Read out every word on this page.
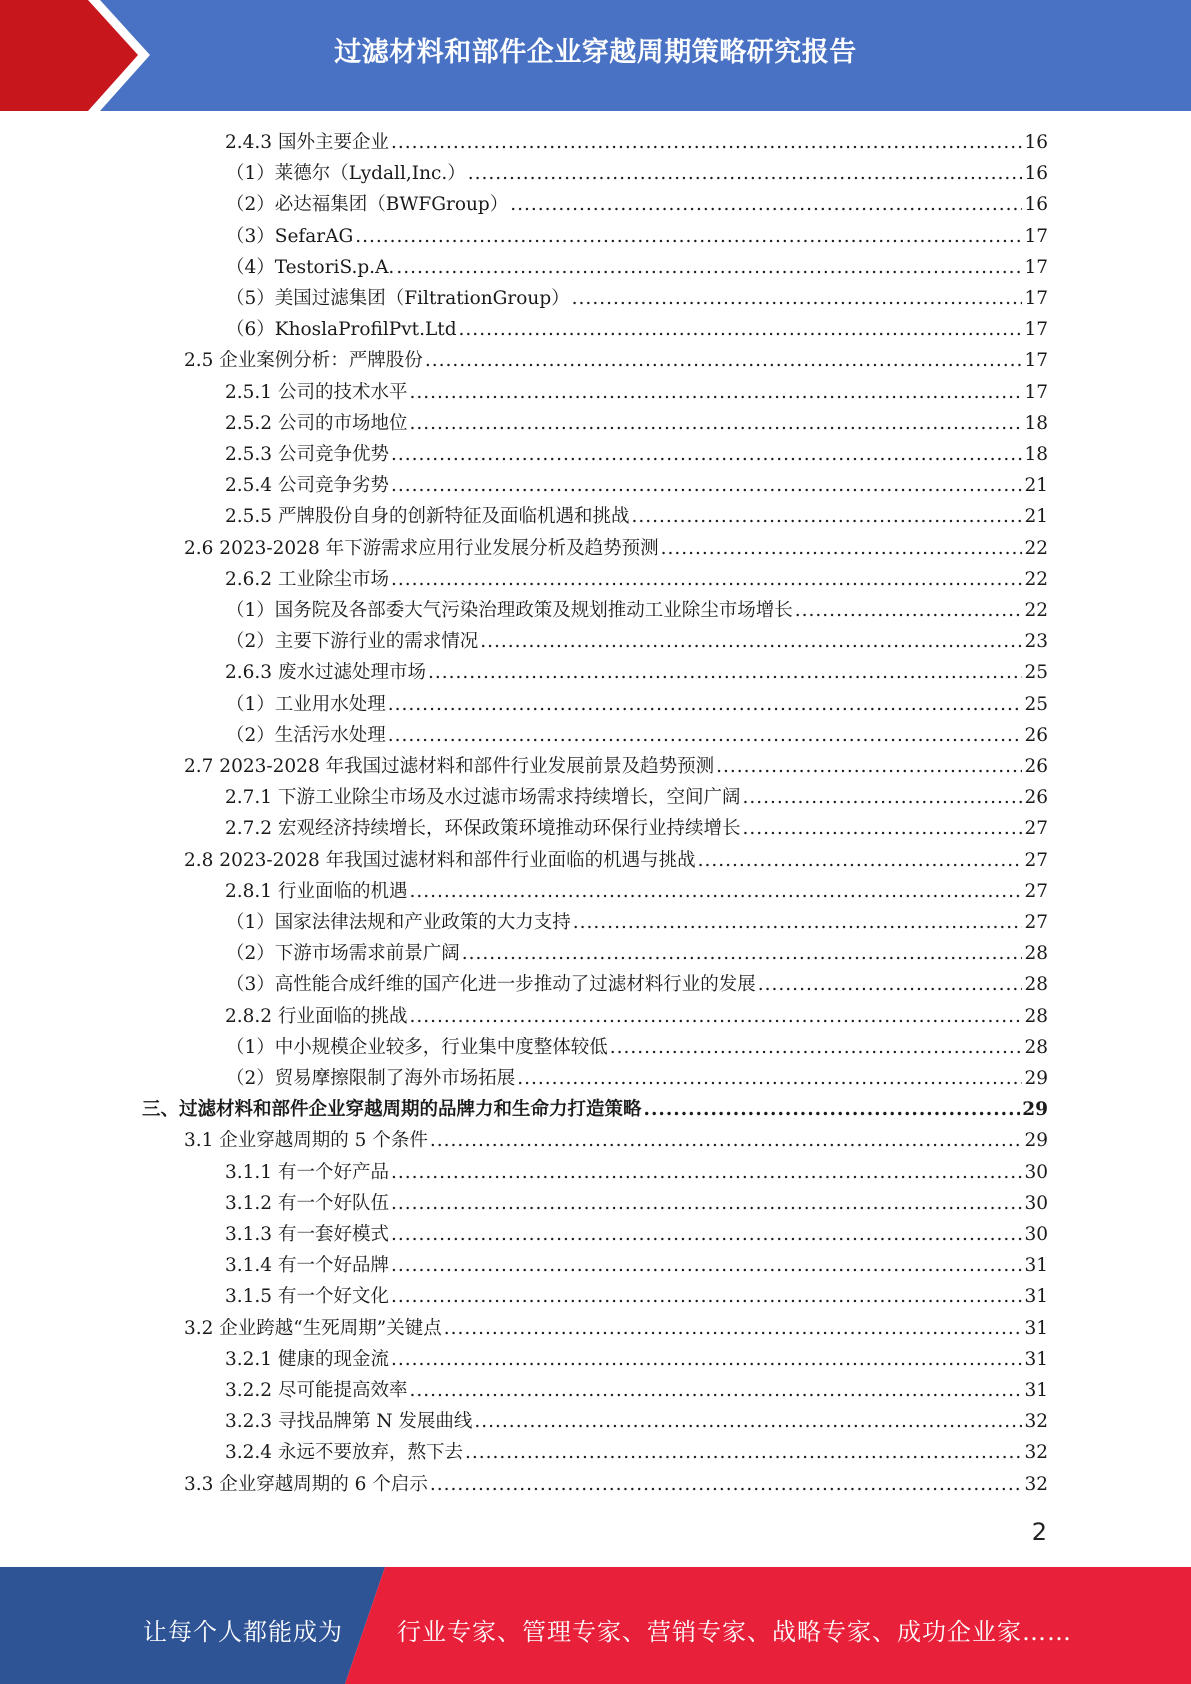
过滤材料和部件企业穿越周期策略研究报告
2.4.3 国外主要企业 .....	16
（1）莱德尔（Lydall,Inc.） .....	16
（2）必达福集团（BWFGroup） .....	16
（3）SefarAG .....	17
（4）TestoriS.p.A. .....	17
（5）美国过滤集团（FiltrationGroup） .....	17
（6）KhoslaProfilPvt.Ltd .....	17
2.5 企业案例分析：严牌股份 .....	17
2.5.1 公司的技术水平 .....	17
2.5.2 公司的市场地位 .....	18
2.5.3 公司竞争优势 .....	18
2.5.4 公司竞争劣势 .....	21
2.5.5 严牌股份自身的创新特征及面临机遇和挑战 .....	21
2.6 2023-2028 年下游需求应用行业发展分析及趋势预测 .....	22
2.6.2 工业除尘市场 .....	22
（1）国务院及各部委大气污染治理政策及规划推动工业除尘市场增长 .....	22
（2）主要下游行业的需求情况 .....	23
2.6.3 废水过滤处理市场 .....	25
（1）工业用水处理 .....	25
（2）生活污水处理 .....	26
2.7 2023-2028 年我国过滤材料和部件行业发展前景及趋势预测 .....	26
2.7.1 下游工业除尘市场及水过滤市场需求持续增长，空间广阔 .....	26
2.7.2 宏观经济持续增长，环保政策环境推动环保行业持续增长 .....	27
2.8 2023-2028 年我国过滤材料和部件行业面临的机遇与挑战 .....	27
2.8.1 行业面临的机遇 .....	27
（1）国家法律法规和产业政策的大力支持 .....	27
（2）下游市场需求前景广阔 .....	28
（3）高性能合成纤维的国产化进一步推动了过滤材料行业的发展 .....	28
2.8.2 行业面临的挑战 .....	28
（1）中小规模企业较多，行业集中度整体较低 .....	28
（2）贸易摩擦限制了海外市场拓展 .....	29
三、过滤材料和部件企业穿越周期的品牌力和生命力打造策略 .....	29
3.1 企业穿越周期的 5 个条件 .....	29
3.1.1 有一个好产品 .....	30
3.1.2 有一个好队伍 .....	30
3.1.3 有一套好模式 .....	30
3.1.4 有一个好品牌 .....	31
3.1.5 有一个好文化 .....	31
3.2 企业跨越“生死周期”关键点 .....	31
3.2.1 健康的现金流 .....	31
3.2.2 尽可能提高效率 .....	31
3.2.3 寻找品牌第 N 发展曲线 .....	32
3.2.4 永远不要放弃，熬下去 .....	32
3.3 企业穿越周期的 6 个启示 .....	32
2
让每个人都能成为 行业专家、管理专家、营销专家、战略专家、成功企业家……
